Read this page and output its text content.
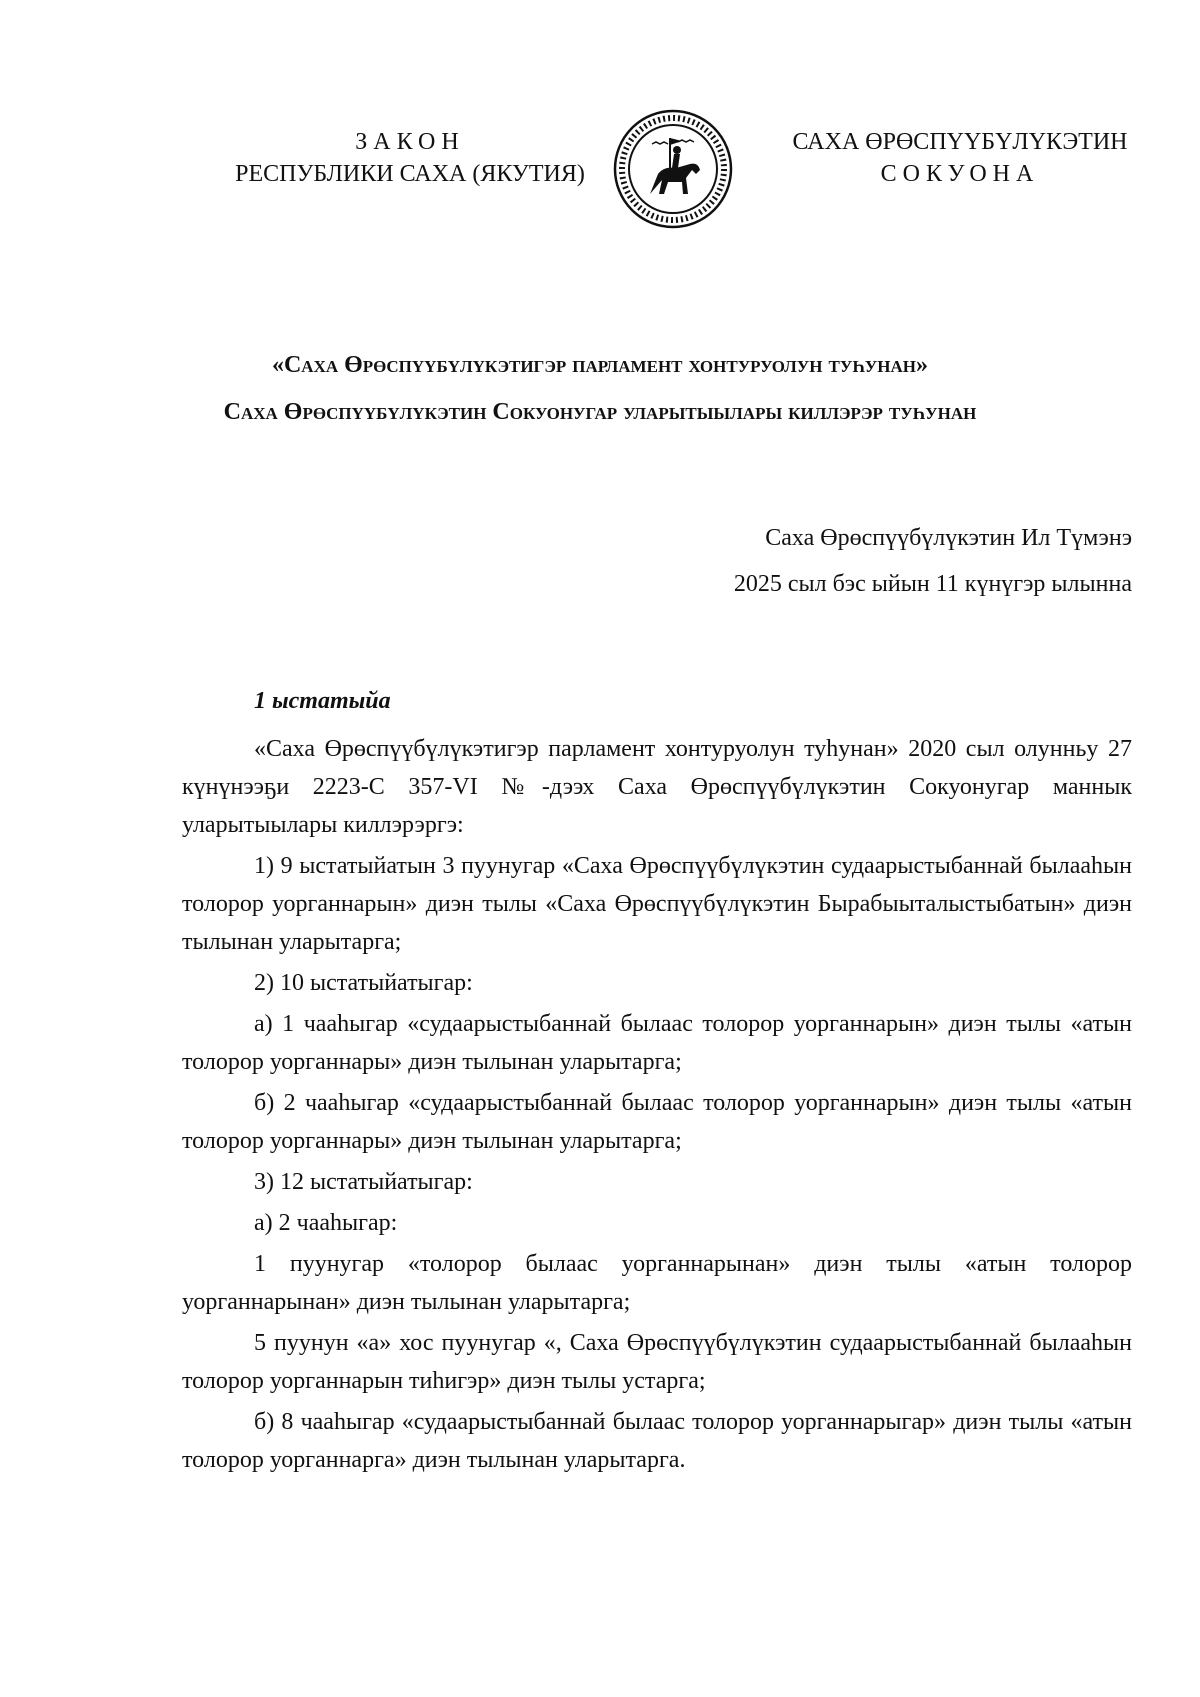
ЗАКОН
РЕСПУБЛИКИ САХА (ЯКУТИЯ)
САХА ӨРӨСПҮҮБҮЛҮКЭТИН
СОКУОНА
«Саха Өрөспүүбүлүкэтигэр парламент хонтуруолун туһунан»
Саха Өрөспүүбүлүкэтин Сокуонугар уларытыылары киллэрэр туһунан
Саха Өрөспүүбүлүкэтин Ил Түмэнэ
2025 сыл бэс ыйын 11 күнүгэр ылынна
1 ыстатыйа

«Саха Өрөспүүбүлүкэтигэр парламент хонтуруолун туһунан» 2020 сыл олунньу 27 күнүнээҕи 2223-С 357-VI №-дээх Саха Өрөспүүбүлүкэтин Сокуонугар маннык уларытыылары киллэрэргэ:

1) 9 ыстатыйатын 3 пуунугар «Саха Өрөспүүбүлүкэтин судаарыстыбаннай былааһын толорор уорганнарын» диэн тылы «Саха Өрөспүүбүлүкэтин Бырабыыталыстыбатын» диэн тылынан уларытарга;

2) 10 ыстатыйатыгар:

а) 1 чааһыгар «судаарыстыбаннай былаас толорор уорганнарын» диэн тылы «атын толорор уорганнары» диэн тылынан уларытарга;

б) 2 чааһыгар «судаарыстыбаннай былаас толорор уорганнарын» диэн тылы «атын толорор уорганнары» диэн тылынан уларытарга;

3) 12 ыстатыйатыгар:

а) 2 чааһыгар:

1 пуунугар «толорор былаас уорганнарынан» диэн тылы «атын толорор уорганнарынан» диэн тылынан уларытарга;

5 пуунун «а» хос пуунугар «, Саха Өрөспүүбүлүкэтин судаарыстыбаннай былааһын толорор уорганнарын тиһигэр» диэн тылы устарга;

б) 8 чааһыгар «судаарыстыбаннай былаас толорор уорганнарыгар» диэн тылы «атын толорор уорганнарга» диэн тылынан уларытарга.
